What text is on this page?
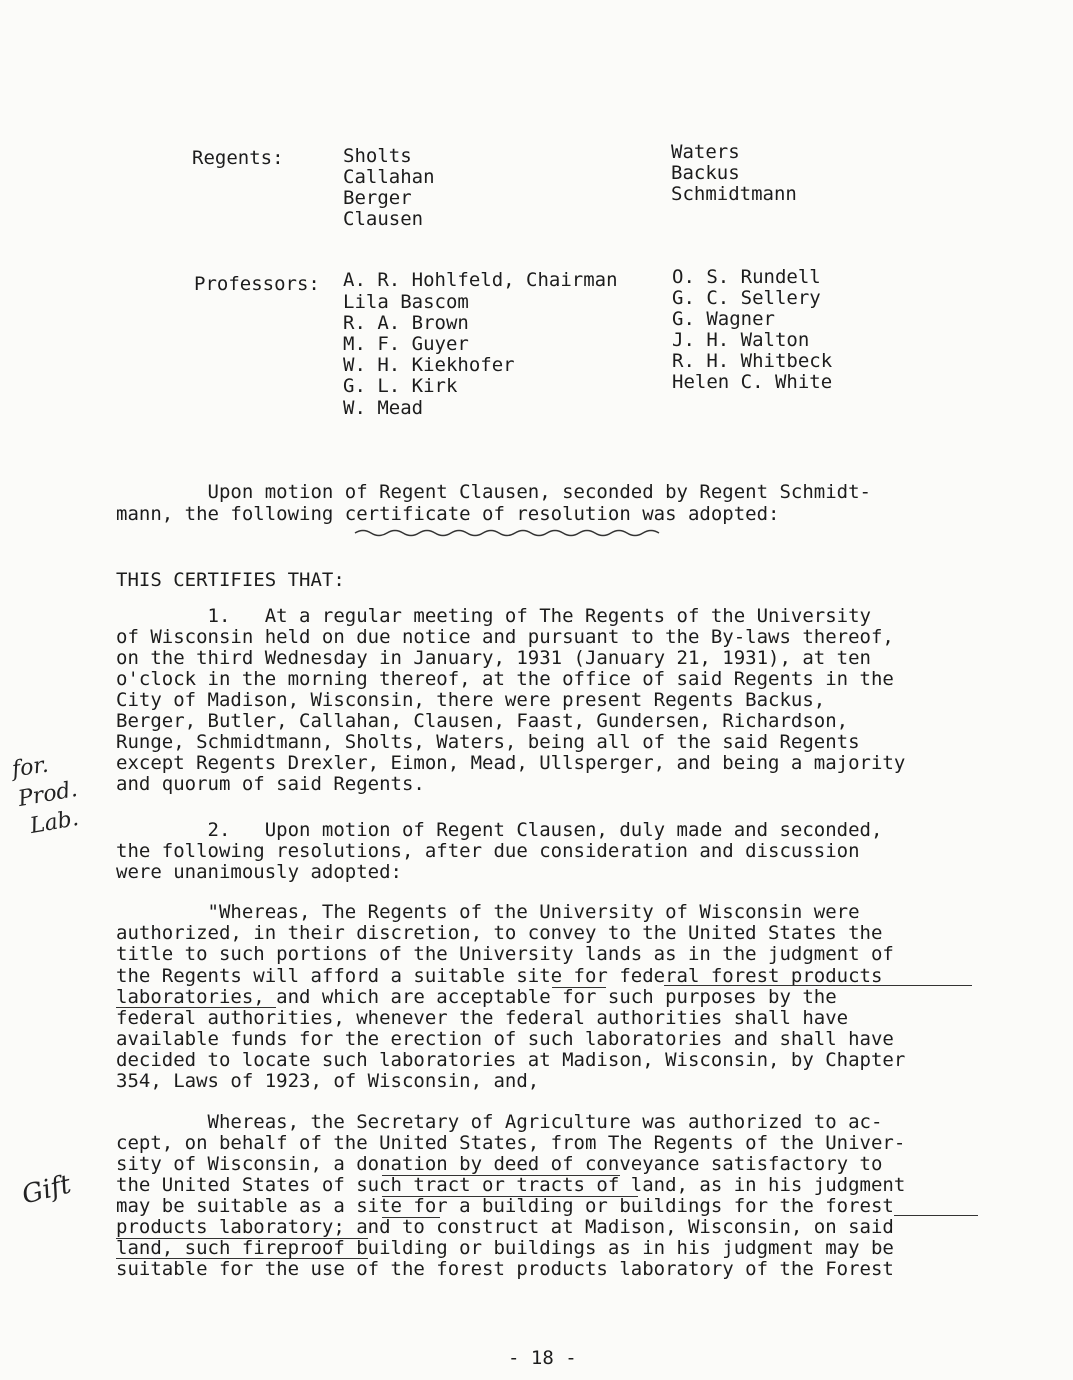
Regents:	Sholts
Callahan
Berger
Clausen
Waters
Backus
Schmidtmann
Professors: A. R. Hohlfeld, Chairman
Lila Bascom
R. A. Brown
M. F. Guyer
W. H. Kiekhofer
G. L. Kirk
W. Mead
O. S. Rundell
G. C. Sellery
G. Wagner
J. H. Walton
R. H. Whitbeck
Helen C. White
Upon motion of Regent Clausen, seconded by Regent Schmidt-
mann, the following certificate of resolution was adopted:
THIS CERTIFIES THAT:
1.   At a regular meeting of The Regents of the University
of Wisconsin held on due notice and pursuant to the By-laws thereof,
on the third Wednesday in January, 1931 (January 21, 1931), at ten
o'clock in the morning thereof, at the office of said Regents in the
City of Madison, Wisconsin, there were present Regents Backus,
Berger, Butler, Callahan, Clausen, Faast, Gundersen, Richardson,
Runge, Schmidtmann, Sholts, Waters, being all of the said Regents
except Regents Drexler, Eimon, Mead, Ullsperger, and being a majority
and quorum of said Regents.
for.
Prod.
Lab. 2.   Upon motion of Regent Clausen, duly made and seconded,
the following resolutions, after due consideration and discussion
were unanimously adopted:
"Whereas, The Regents of the University of Wisconsin were
authorized, in their discretion, to convey to the United States the
title to such portions of the University lands as in the judgment of
the Regents will afford a suitable site for federal forest products
laboratories, and which are acceptable for such purposes by the
federal authorities, whenever the federal authorities shall have
available funds for the erection of such laboratories and shall have
decided to locate such laboratories at Madison, Wisconsin, by Chapter
354, Laws of 1923, of Wisconsin, and,
Whereas, the Secretary of Agriculture was authorized to ac-
cept, on behalf of the United States, from The Regents of the Univer-
sity of Wisconsin, a donation by deed of conveyance satisfactory to
the United States of such tract or tracts of land, as in his judgment
may be suitable as a site for a building or buildings for the forest
products laboratory; and to construct at Madison, Wisconsin, on said
land, such fireproof building or buildings as in his judgment may be
suitable for the use of the forest products laboratory of the Forest
Gift
- 18 -
